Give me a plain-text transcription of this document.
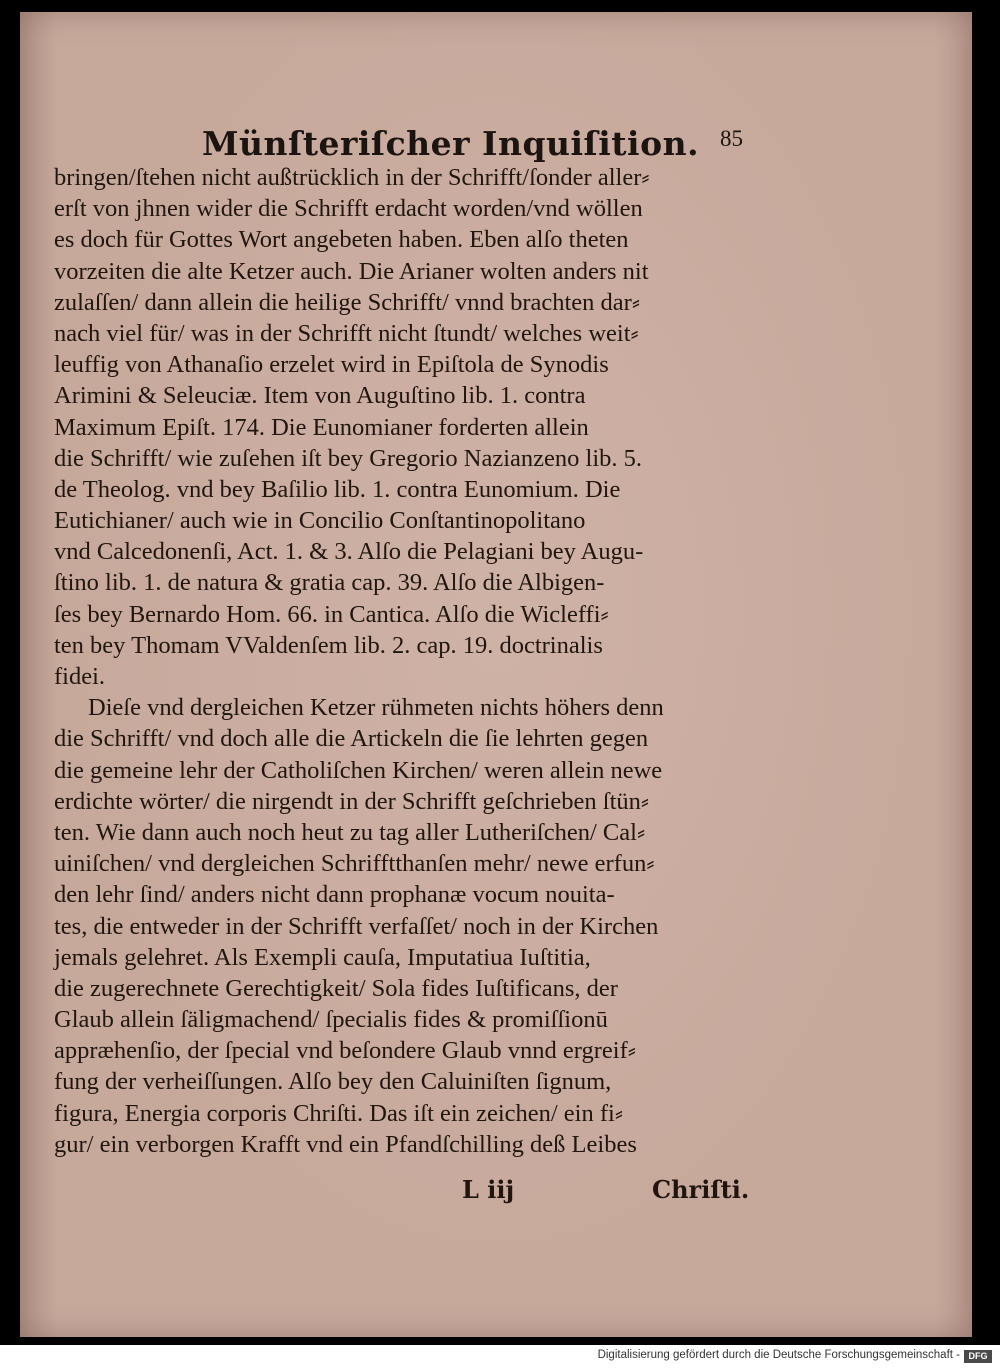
Münſteriſcher Inquiſition. 85
bringen/ſtehen nicht außtrücklich in der Schrifft/ſonder aller⸗
erſt von jhnen wider die Schrifft erdacht worden/vnd wöllen
es doch für Gottes Wort angebeten haben. Eben alſo theten
vorzeiten die alte Ketzer auch. Die Arianer wolten anders nit
zulaſſen/ dann allein die heilige Schrifft/ vnnd brachten dar⸗
nach viel für/ was in der Schrifft nicht ſtundt/ welches weit⸗
leuffig von Athanaſio erzelet wird in Epiſtola de Synodis
Arimini & Seleuciæ. Item von Auguſtino lib. 1. contra
Maximum Epiſt. 174. Die Eunomianer forderten allein
die Schrifft/ wie zuſehen iſt bey Gregorio Nazianzeno lib. 5.
de Theolog. vnd bey Baſilio lib. 1. contra Eunomium. Die
Eutichianer/ auch wie in Concilio Conſtantinopolitano
vnd Calcedonenſi, Act. 1. & 3. Alſo die Pelagiani bey Augu-
ſtino lib. 1. de natura & gratia cap. 39. Alſo die Albigen-
ſes bey Bernardo Hom. 66. in Cantica. Alſo die Wicleffi⸗
ten bey Thomam VValdenſem lib. 2. cap. 19. doctrinalis
fidei.
Dieſe vnd dergleichen Ketzer rühmeten nichts höhers denn
die Schrifft/ vnd doch alle die Artickeln die ſie lehrten gegen
die gemeine lehr der Catholiſchen Kirchen/ weren allein newe
erdichte wörter/ die nirgendt in der Schrifft geſchrieben ſtün⸗
ten. Wie dann auch noch heut zu tag aller Lutheriſchen/ Cal⸗
uiniſchen/ vnd dergleichen Schrifftthanſen mehr/ newe erfun⸗
den lehr ſind/ anders nicht dann prophanæ vocum nouita-
tes, die entweder in der Schrifft verfaſſet/ noch in der Kirchen
jemals gelehret. Als Exempli cauſa, Imputatiua Iuſtitia,
die zugerechnete Gerechtigkeit/ Sola fides Iuſtificans, der
Glaub allein ſäligmachend/ ſpecialis fides & promiſſionū
appræhenſio, der ſpecial vnd beſondere Glaub vnnd ergreif⸗
fung der verheiſſungen. Alſo bey den Caluiniſten ſignum,
figura, Energia corporis Chriſti. Das iſt ein zeichen/ ein fi⸗
gur/ ein verborgen Krafft vnd ein Pfandſchilling deß Leibes
L iij	Chriſti.
Digitalisierung gefördert durch die Deutsche Forschungsgemeinschaft - DFG
